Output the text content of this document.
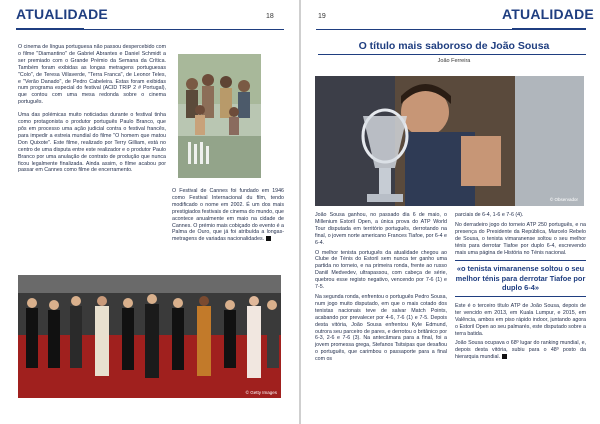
ATUALIDADE	18

O cinema de língua portuguesa não passou despercebido com o filme "Diamantino" de Gabriel Abrantes e Daniel Schmidt a ser premiado com o Grande Prémio da Semana da Crítica. Também foram exibidas as longas metragens portuguesas "Colo", de Teresa Villaverde, "Terra Franca", de Leonor Teles, e "Verão Danado", de Pedro Cabeleira. Estas foram exibidas num programa especial do festival (ACID TRIP 2 # Portugal), que contou com uma mesa redonda sobre o cinema português.

Uma das polémicas muito noticiadas durante o festival tinha como protagonista o produtor português Paulo Branco, que pôs em processo uma ação judicial contra o festival francês, para impedir a estreia mundial do filme "O homem que matou Don Quixote". Este filme, realizado por Terry Gilliam, está no centro de uma disputa entre este realizador e o produtor Paulo Branco por uma anulação de contrato de produção que nunca ficou legalmente finalizada. Ainda assim, o filme acabou por passar em Cannes como filme de encerramento.

O Festival de Cannes foi fundado em 1946 como Festival Internacional du film, tendo modificado o nome em 2002. É um dos mais prestigiados festivais de cinema do mundo, que acontece anualmente em maio na cidade de Cannes. O prémio mais cobiçado do evento é a Palma de Ouro, que já foi atribuída a longas-metragens de variadas nacionalidades.
© Getty Images
19	ATUALIDADE
O título mais saboroso de João Sousa
João Ferreira
© Observador

João Sousa ganhou, no passado dia 6 de maio, o Millenium Estoril Open, a única prova do ATP World Tour disputada em território português, derrotando na final, o jovem norte americano Frances Tiafoe, por 6-4 e 6-4.

O melhor tenista português da atualidade chegou ao Clube de Ténis do Estoril sem nunca ter ganho uma partida no torneio, e na primeira ronda, frente ao russo Daniil Medvedev, ultrapassou, com cabeça de série, quebrou esse registo negativo, vencendo por 7-6 (1) e 7-5.

Na segunda ronda, enfrentou o português Pedro Sousa, num jogo muito disputado, em que o mais cotado dos tenistas nacionais teve de salvar Match Points, acabando por prevalecer por 4-6, 7-6 (1) e 7-5. Depois desta vitória, João Sousa enfrentou Kyle Edmund, outrora seu parceiro de pares, e derrotou o britânico por 6-3, 2-6 e 7-6 (3). Na antecâmara para a final, foi a jovem promessa grega, Stefanos Tsitsipas que desafiou o português, que carimbou o passaporte para a final com os

parciais de 6-4, 1-6 e 7-6 (4).

No derradeiro jogo do torneio ATP 250 português, e na presença do Presidente da República, Marcelo Rebelo de Sousa, o tenista vimaranense soltou o seu melhor ténis para derrotar Tiafoe por duplo 6-4, escrevendo mais uma página de História no Ténis nacional.

«o tenista vimaranense soltou o seu melhor ténis para derrotar Tiafoe por duplo 6-4»

Este é o terceiro título ATP de João Sousa, depois de ter vencido em 2013, em Kuala Lumpur, e 2015, em Valência, ambos em piso rápido indoor, juntando agora o Estoril Open ao seu palmarés, este disputado sobre a terra batida.

João Sousa ocupava o 68º lugar do ranking mundial, e, depois desta vitória, subiu para o 48º posto da hierarquia mundial.
